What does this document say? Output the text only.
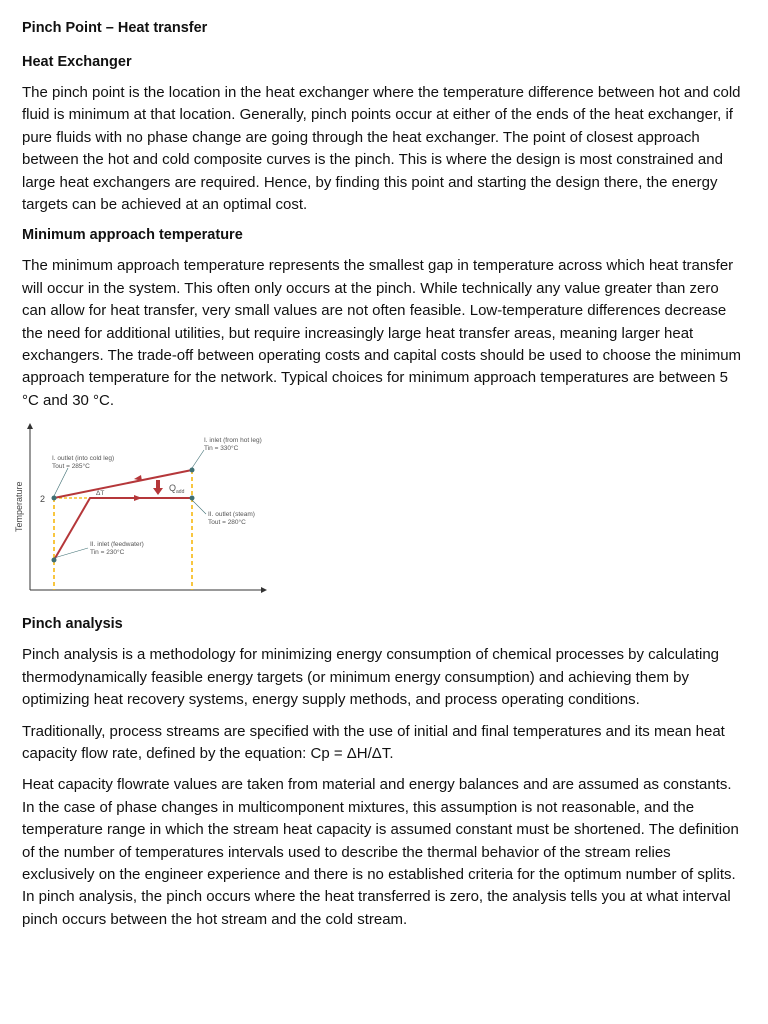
Pinch Point – Heat transfer

Heat Exchanger

The pinch point is the location in the heat exchanger where the temperature difference between hot and cold fluid is minimum at that location. Generally, pinch points occur at either of the ends of the heat exchanger, if pure fluids with no phase change are going through the heat exchanger. The point of closest approach between the hot and cold composite curves is the pinch. This is where the design is most constrained and large heat exchangers are required. Hence, by finding this point and starting the design there, the energy targets can be achieved at an optimal cost.

Minimum approach temperature

The minimum approach temperature represents the smallest gap in temperature across which heat transfer will occur in the system. This often only occurs at the pinch. While technically any value greater than zero can allow for heat transfer, very small values are not often feasible. Low-temperature differences decrease the need for additional utilities, but require increasingly large heat transfer areas, meaning larger heat exchangers. The trade-off between operating costs and capital costs should be used to choose the minimum approach temperature for the network. Typical choices for minimum approach temperatures are between 5 °C and 30 °C.

Temperature 2
ΔT
$Q_{add}$
I. outlet (into cold leg)
Tout = 285°C
I. inlet (from hot leg)
Tin = 330°C
II. outlet (steam)
Tout = 280°C
II. inlet (feedwater)
Tin = 230°C

Pinch analysis

Pinch analysis is a methodology for minimizing energy consumption of chemical processes by calculating thermodynamically feasible energy targets (or minimum energy consumption) and achieving them by optimizing heat recovery systems, energy supply methods, and process operating conditions.

Traditionally, process streams are specified with the use of initial and final temperatures and its mean heat capacity flow rate, defined by the equation: Cp = ΔH/ΔT.

Heat capacity flowrate values are taken from material and energy balances and are assumed as constants. In the case of phase changes in multicomponent mixtures, this assumption is not reasonable, and the temperature range in which the stream heat capacity is assumed constant must be shortened. The definition of the number of temperatures intervals used to describe the thermal behavior of the stream relies exclusively on the engineer experience and there is no established criteria for the optimum number of splits. In pinch analysis, the pinch occurs where the heat transferred is zero, the analysis tells you at what interval pinch occurs between the hot stream and the cold stream.
